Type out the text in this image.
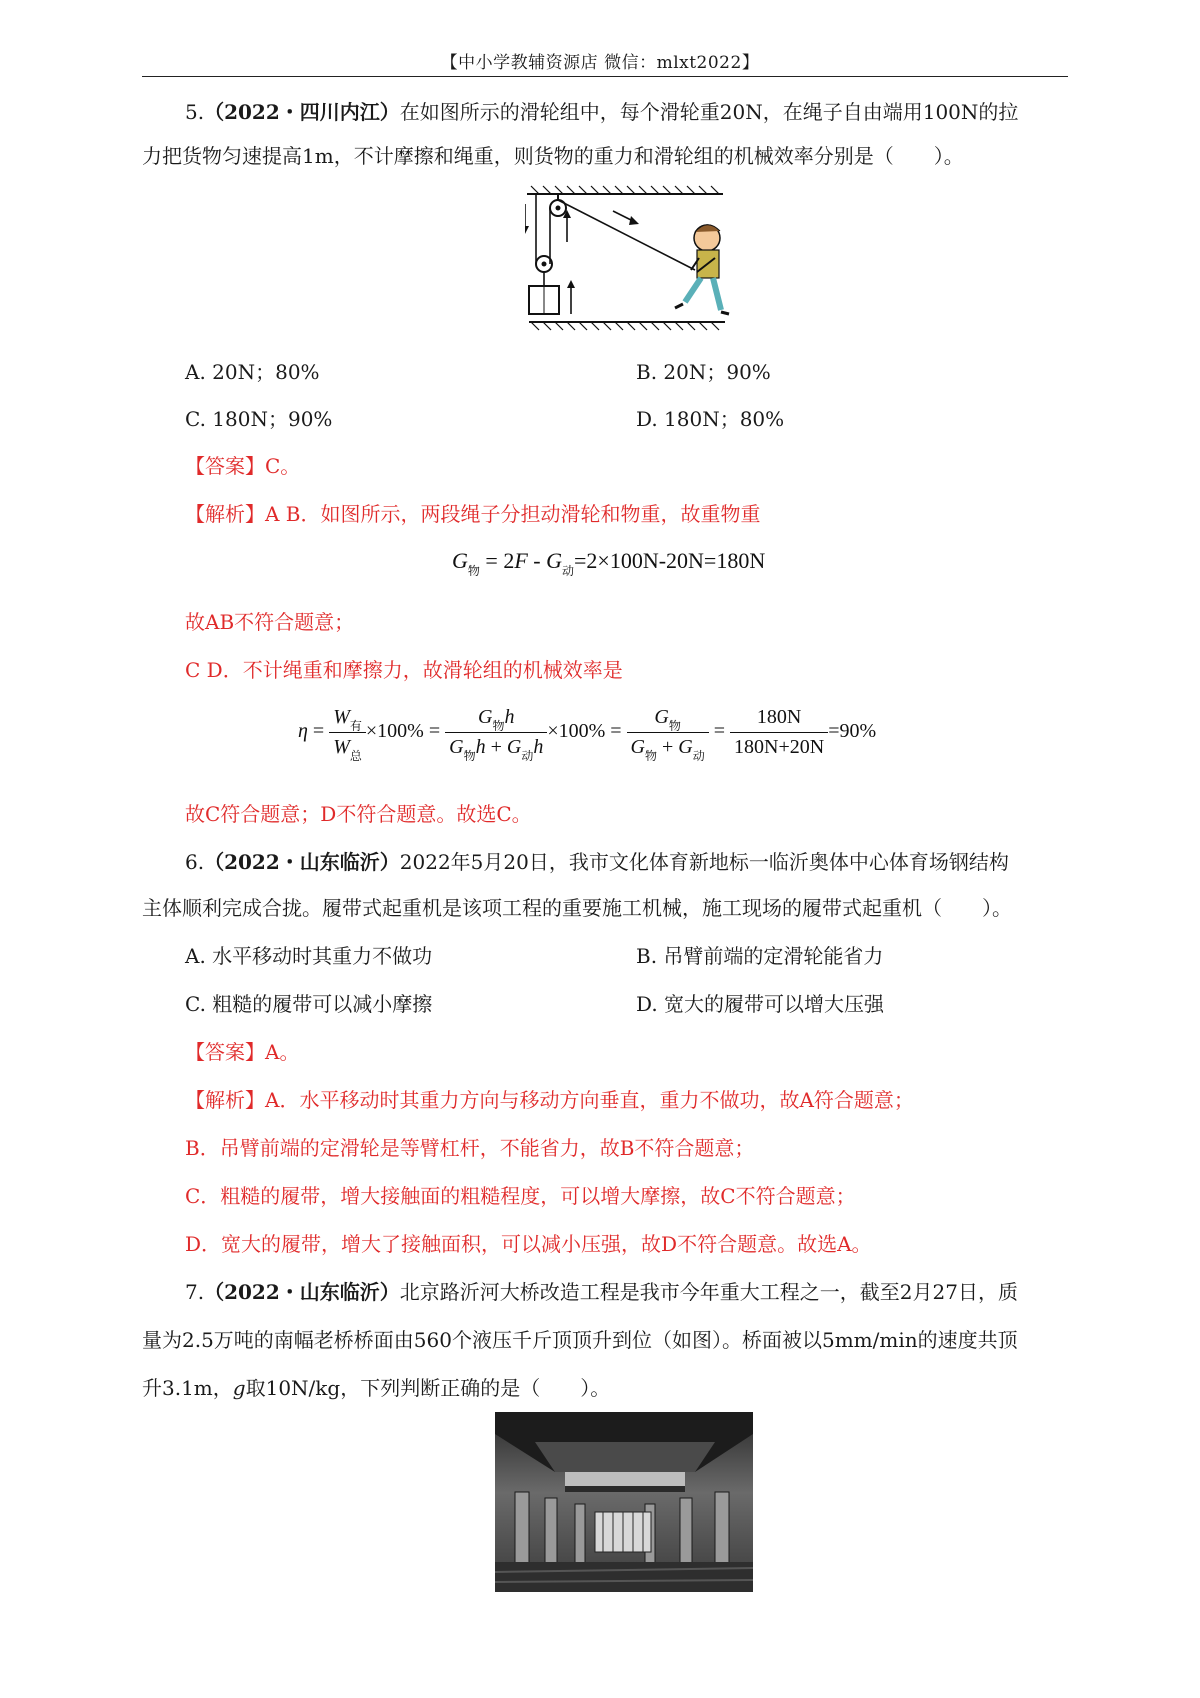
【中小学教辅资源店 微信：mlxt2022】
5.（2022・四川内江）在如图所示的滑轮组中，每个滑轮重20N，在绳子自由端用100N的拉
力把货物匀速提高1m，不计摩擦和绳重，则货物的重力和滑轮组的机械效率分别是（　　）。
A. 20N；80%	B. 20N；90%
C. 180N；90%	D. 180N；80%
【答案】C。
【解析】A B．如图所示，两段绳子分担动滑轮和物重，故重物重
$G_物 = 2F - G_动=2\times 100N-20N=180N$
故AB不符合题意；
C D．不计绳重和摩擦力，故滑轮组的机械效率是
$\eta = \frac{W_有}{W_总} \times 100\% = \frac{G_物h}{G_物h + G_动h} \times 100\% = \frac{G_物}{G_物 + G_动} = \frac{180N}{180N+20N} =90\%$
故C符合题意；D不符合题意。故选C。
6.（2022・山东临沂）2022年5月20日，我市文化体育新地标一临沂奥体中心体育场钢结构
主体顺利完成合拢。履带式起重机是该项工程的重要施工机械，施工现场的履带式起重机（　　）。
A. 水平移动时其重力不做功	B. 吊臂前端的定滑轮能省力
C. 粗糙的履带可以减小摩擦	D. 宽大的履带可以增大压强
【答案】A。
【解析】A．水平移动时其重力方向与移动方向垂直，重力不做功，故A符合题意；
B．吊臂前端的定滑轮是等臂杠杆，不能省力，故B不符合题意；
C．粗糙的履带，增大接触面的粗糙程度，可以增大摩擦，故C不符合题意；
D．宽大的履带，增大了接触面积，可以减小压强，故D不符合题意。故选A。
7.（2022・山东临沂）北京路沂河大桥改造工程是我市今年重大工程之一，截至2月27日，质
量为2.5万吨的南幅老桥桥面由560个液压千斤顶顶升到位（如图）。桥面被以5mm/min的速度共顶
升3.1m，g取10N/kg，下列判断正确的是（　　）。
